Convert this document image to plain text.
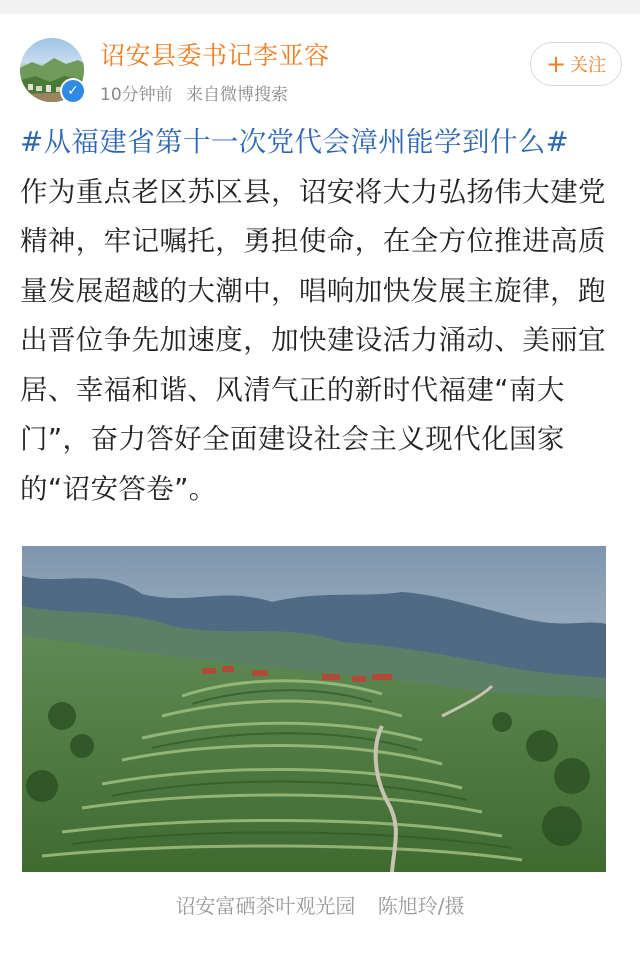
✓
诏安县委书记李亚容
10分钟前 来自微博搜索
+ 关注
#从福建省第十一次党代会漳州能学到什么#
作为重点老区苏区县，诏安将大力弘扬伟大建党精神，牢记嘱托，勇担使命，在全方位推进高质量发展超越的大潮中，唱响加快发展主旋律，跑出晋位争先加速度，加快建设活力涌动、美丽宜居、幸福和谐、风清气正的新时代福建“南大门”，奋力答好全面建设社会主义现代化国家的“诏安答卷”。
诏安富硒茶叶观光园 陈旭玲/摄
